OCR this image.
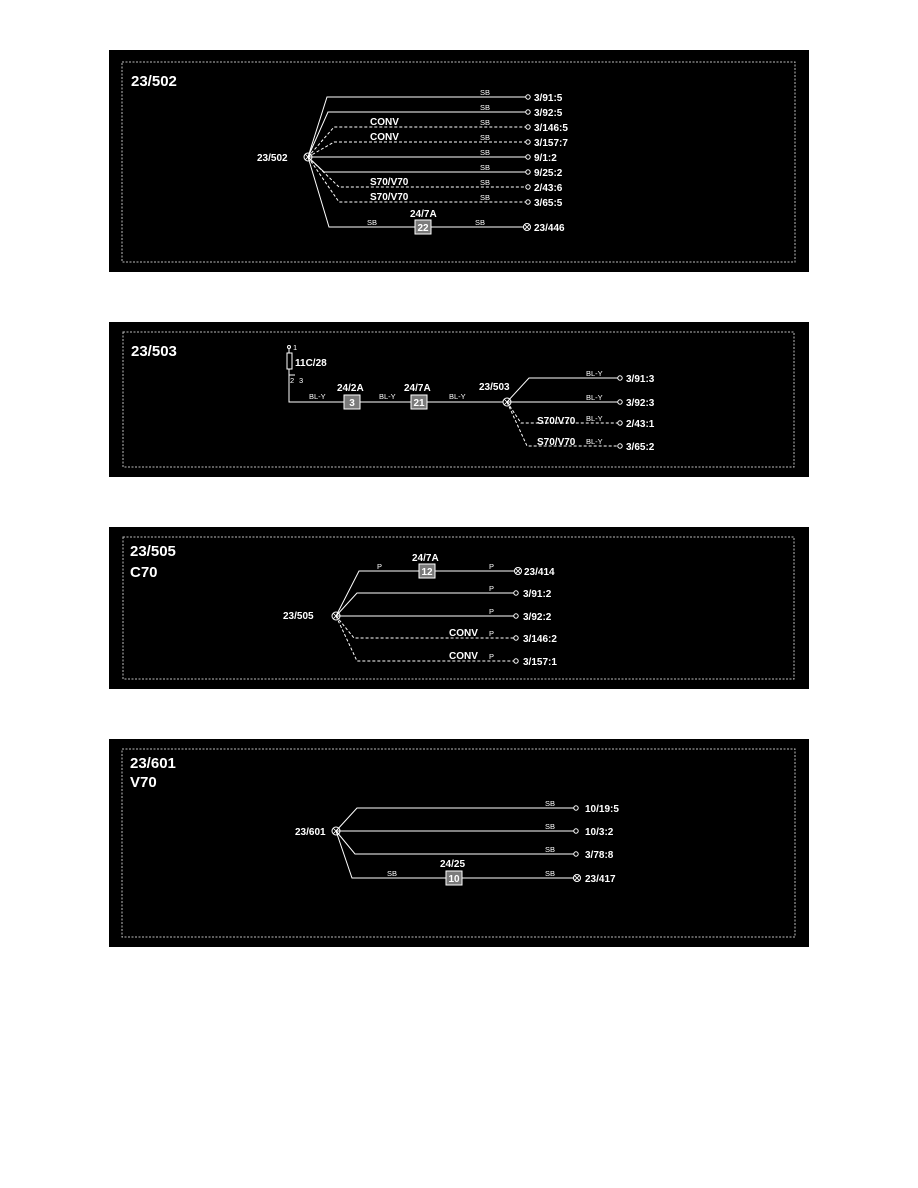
23/502
23/502
SB
SB
SB
SB
SB
SB
SB
SB
CONV
CONV
S70/V70
S70/V70
3/91:5
3/92:5
3/146:5
3/157:7
9/1:2
9/25:2
2/43:6
3/65:5
SB
24/7A
22
SB
23/446
23/503	1
11C/28
2 3
BL-Y	BL-Y	BL-Y
24/2A
3
24/7A
21
23/503
BL-Y
BL-Y
BL-Y
BL-Y
S70/V70
S70/V70
3/91:3
3/92:3
2/43:1
3/65:2
23/505
C70
23/505
P
24/7A
12
P
23/414
P
P
P
P
CONV
CONV
3/91:2
3/92:2
3/146:2
3/157:1
23/601
V70
23/601
SB
SB
SB
10/19:5
10/3:2
3/78:8
SB
24/25
10
SB
23/417
